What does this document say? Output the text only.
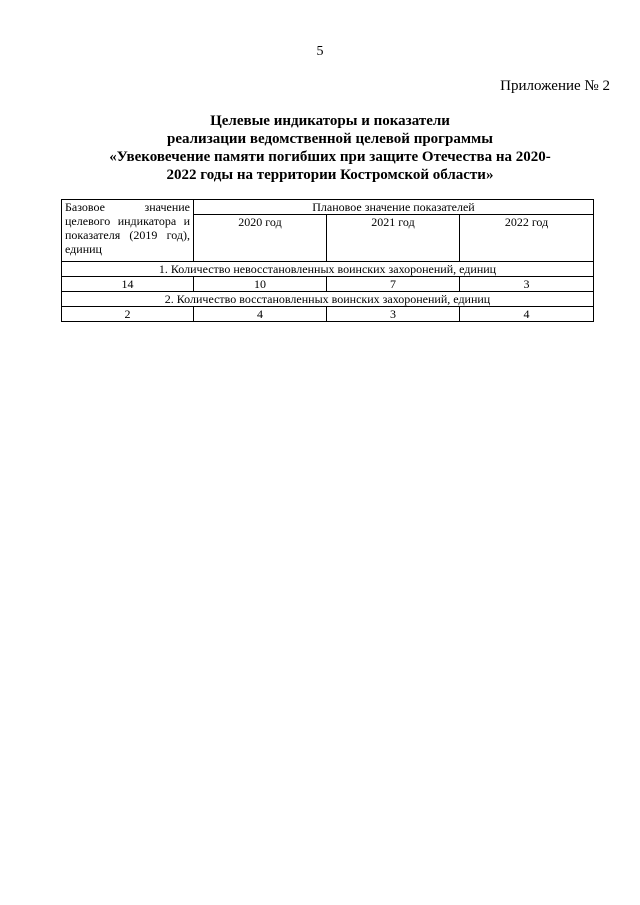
5
Приложение № 2
Целевые индикаторы и показатели
реализации ведомственной целевой программы
«Увековечение памяти погибших при защите Отечества на 2020-
2022 годы на территории Костромской области»
Базовое значение целевого индикатора и показателя (2019 год), единиц	Плановое значение показателей		
	2020 год	2021 год	2022 год
1. Количество невосстановленных воинских захоронений, единиц			
14	10	7	3
2. Количество восстановленных воинских захоронений, единиц			
2	4	3	4
